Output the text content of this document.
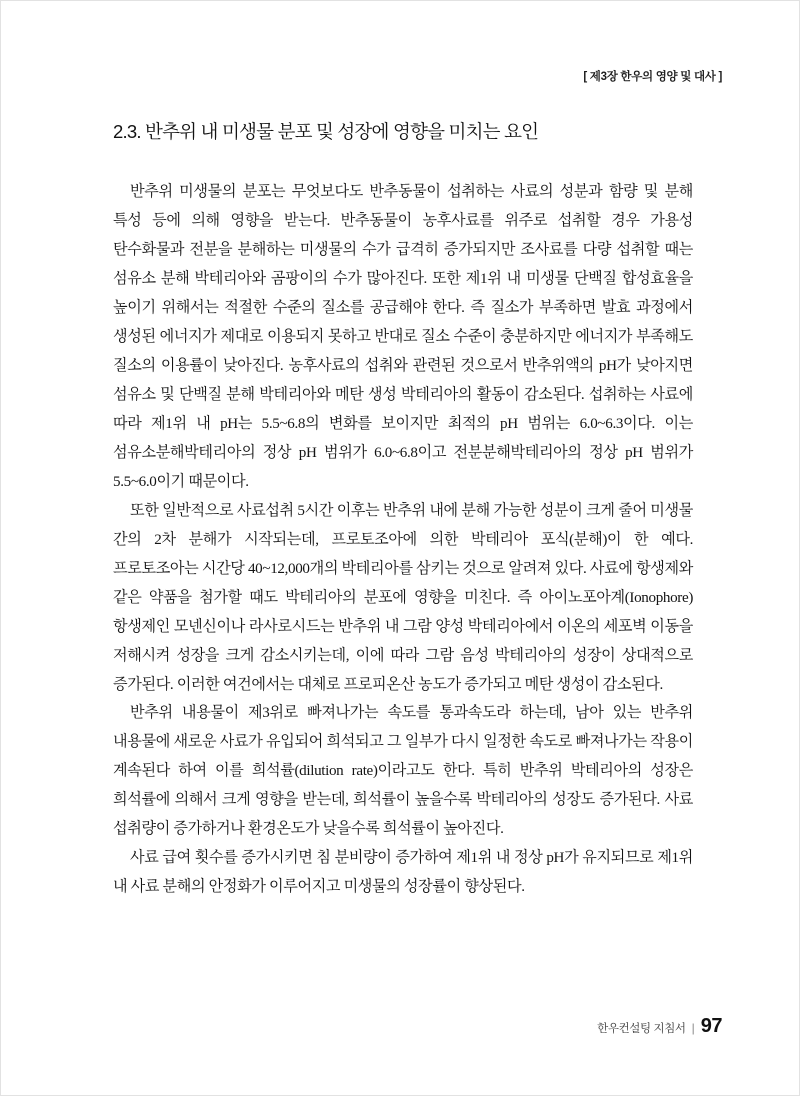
[ 제3장 한우의 영양 및 대사 ]
2.3. 반추위 내 미생물 분포 및 성장에 영향을 미치는 요인

반추위 미생물의 분포는 무엇보다도 반추동물이 섭취하는 사료의 성분과 함량 및 분해 특성 등에 의해 영향을 받는다. 반추동물이 농후사료를 위주로 섭취할 경우 가용성 탄수화물과 전분을 분해하는 미생물의 수가 급격히 증가되지만 조사료를 다량 섭취할 때는 섬유소 분해 박테리아와 곰팡이의 수가 많아진다. 또한 제1위 내 미생물 단백질 합성효율을 높이기 위해서는 적절한 수준의 질소를 공급해야 한다. 즉 질소가 부족하면 발효 과정에서 생성된 에너지가 제대로 이용되지 못하고 반대로 질소 수준이 충분하지만 에너지가 부족해도 질소의 이용률이 낮아진다. 농후사료의 섭취와 관련된 것으로서 반추위액의 pH가 낮아지면 섬유소 및 단백질 분해 박테리아와 메탄 생성 박테리아의 활동이 감소된다. 섭취하는 사료에 따라 제1위 내 pH는 5.5~6.8의 변화를 보이지만 최적의 pH 범위는 6.0~6.3이다. 이는 섬유소분해박테리아의 정상 pH 범위가 6.0~6.8이고 전분분해박테리아의 정상 pH 범위가 5.5~6.0이기 때문이다.

또한 일반적으로 사료섭취 5시간 이후는 반추위 내에 분해 가능한 성분이 크게 줄어 미생물 간의 2차 분해가 시작되는데, 프로토조아에 의한 박테리아 포식(분해)이 한 예다. 프로토조아는 시간당 40~12,000개의 박테리아를 삼키는 것으로 알려져 있다. 사료에 항생제와 같은 약품을 첨가할 때도 박테리아의 분포에 영향을 미친다. 즉 아이노포아계(Ionophore) 항생제인 모넨신이나 라사로시드는 반추위 내 그람 양성 박테리아에서 이온의 세포벽 이동을 저해시켜 성장을 크게 감소시키는데, 이에 따라 그람 음성 박테리아의 성장이 상대적으로 증가된다. 이러한 여건에서는 대체로 프로피온산 농도가 증가되고 메탄 생성이 감소된다.

반추위 내용물이 제3위로 빠져나가는 속도를 통과속도라 하는데, 남아 있는 반추위 내용물에 새로운 사료가 유입되어 희석되고 그 일부가 다시 일정한 속도로 빠져나가는 작용이 계속된다 하여 이를 희석률(dilution rate)이라고도 한다. 특히 반추위 박테리아의 성장은 희석률에 의해서 크게 영향을 받는데, 희석률이 높을수록 박테리아의 성장도 증가된다. 사료 섭취량이 증가하거나 환경온도가 낮을수록 희석률이 높아진다.

사료 급여 횟수를 증가시키면 침 분비량이 증가하여 제1위 내 정상 pH가 유지되므로 제1위 내 사료 분해의 안정화가 이루어지고 미생물의 성장률이 향상된다.

한우컨설팅 지침서 | 97
